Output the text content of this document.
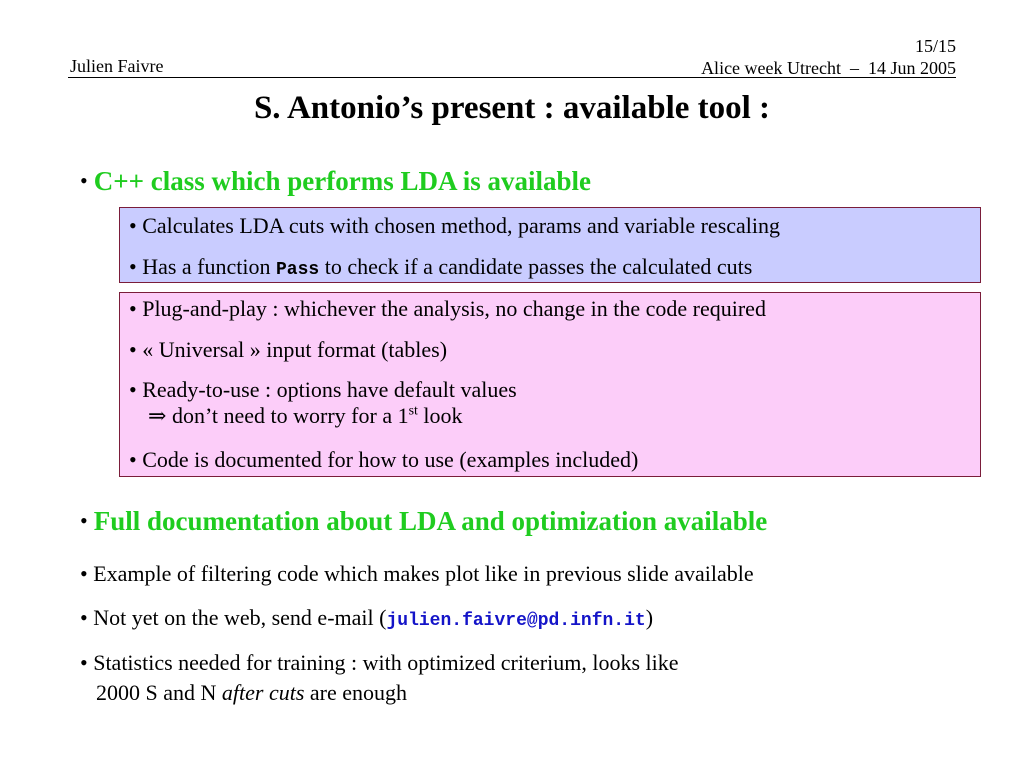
Julien Faivre
15/15
Alice week Utrecht  –  14 Jun 2005
S. Antonio’s present : available tool :
• C++ class which performs LDA is available
• Calculates LDA cuts with chosen method, params and variable rescaling
• Has a function Pass to check if a candidate passes the calculated cuts
• Plug-and-play : whichever the analysis, no change in the code required
• « Universal » input format (tables)
• Ready-to-use : options have default values
⇒ don’t need to worry for a 1st look
• Code is documented for how to use (examples included)
• Full documentation about LDA and optimization available
• Example of filtering code which makes plot like in previous slide available
• Not yet on the web, send e-mail (julien.faivre@pd.infn.it)
• Statistics needed for training : with optimized criterium, looks like
2000 S and N after cuts are enough
